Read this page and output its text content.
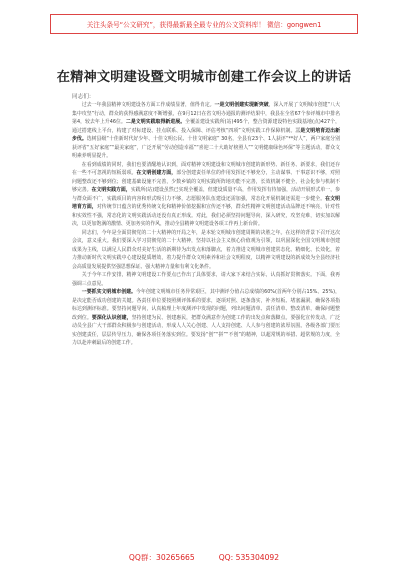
关注头条号“公文研究”，获得最新最全最专业的公文资料库！ 微信：gongwen1
在精神文明建设暨文明城市创建工作会议上的讲话
同志们：

过去一年我县精神文明建设各方面工作成绩显著，值得肯定。一是文明创建实现新突破，深入开展了文明城市创建“八大集中攻坚”行动，群众的获得感满意度不断增强，在9月12日在省文明办通报的测评结果中，我县在全省67个参评城市中排名第4，较去年上升46位。二是文明实践取得新进展。全覆盖建设实践所(站)495个，整合资源建设特色实践基地(点)427个，通过搭建线上平台，构建了对标建设、挂点联系、投入保障、评估考核“四项”文明实践工作保障机制。三是文明培育迈出新步伐。选树县级“十佳新时代好少年、十佳文明公民、十佳文明家庭” 30名，全县有23个、1人获评“**好人”，两户家庭分别获评省“五好家庭”“最美家庭”，广泛开展“劳动创造幸福”“喜迎二十大助好榜照人”“文明健康绿色环保”等主题活动，群众文明素养明显提升。

在看到成绩的同时，我们也要清醒地认识到，面对精神文明建设和文明城市创建的新形势、新任务、新要求，我们还存在一些不可忽视的短板弱项。在文明创建方面，部分创建责任单位的作用发挥还不够充分，主动谋事、干事意识不够，对照问题整改还不够到位；创建基础设施不完善，少数乡镇的文明实践所阵地功能不完善，长效机制不健全，社会化参与机制不够完善。在文明实践方面，实践所(站)建设虽然已实现全覆盖，但建设质量不高，作用发挥有待加强，活动开展形式单一，参与群众面不广，实践项目的内容和形式吸引力不够，志愿服务队伍建设还需加强，常态化开展机制还需进一步健全。在文明培育方面，对传统节日蕴含的优秀传统文化和精神价值挖掘和宣传还不够，群众性精神文明创建活动品牌还不响亮，针对性和实效性不强，常态化的文明实践活动还没有真正形成。对此，我们必须坚持问题导向，深入研究，攻坚克难，切实加以解决，以更加饱满的激情、更加务实的作风，推动全县精神文明建设各项工作再上新台阶。

同志们，今年是全面贯彻党的二十大精神的开局之年，是本轮文明城市创建周期的决胜之年。在这样的背景下召开这次会议，意义重大。我们要深入学习贯彻党的二十大精神，坚持以社会主义核心价值观为引领，以巩固深化全国文明城市创建成果为主线，以满足人民群众对美好生活的新期待为出发点和落脚点，着力推进文明城市创建常态化、精细化、长效化，着力推动新时代文明实践中心建设提质增效，着力提升群众文明素养和社会文明程度，以精神文明建设的新成效为全县经济社会高质量发展提供坚强思想保证、强大精神力量和有利文化条件。

关于今年工作安排，精神文明建设工作要点已作出了具体要求，请大家下来结合实际，认真抓好贯彻落实。下面，我再强调三点意见。

一要抓实文明城市创建。今年创建文明城市任务异常艰巨，其中测评分值占总成绩的60%(首两年分别占15%、25%)，是决定能否成功创建的关键。各责任单位要按照测评体系的要求，逐项对照、逐条落实，补齐短板、堵塞漏洞，确保各项指标达到测评标准。要坚持问题导向，认真梳理上年度测评中发现的问题，列出问题清单、责任清单、整改清单，确保问题整改到位。要深化认识创建，坚持创建为民、创建惠民，把群众满意作为创建工作的出发点和落脚点。要强化宣传发动，广泛动员全县广大干部群众积极参与创建活动，形成人人关心创建、人人支持创建、人人参与创建的浓厚氛围。各级各部门要压实创建责任，层层传导压力，确保各项任务落实到位。要发扬“创”“拼”“不创”的精神，以超常规的举措、超常规的力度，全力以赴冲刺最后的创建工作。

QQ群：30265665	QQ: 535304092
